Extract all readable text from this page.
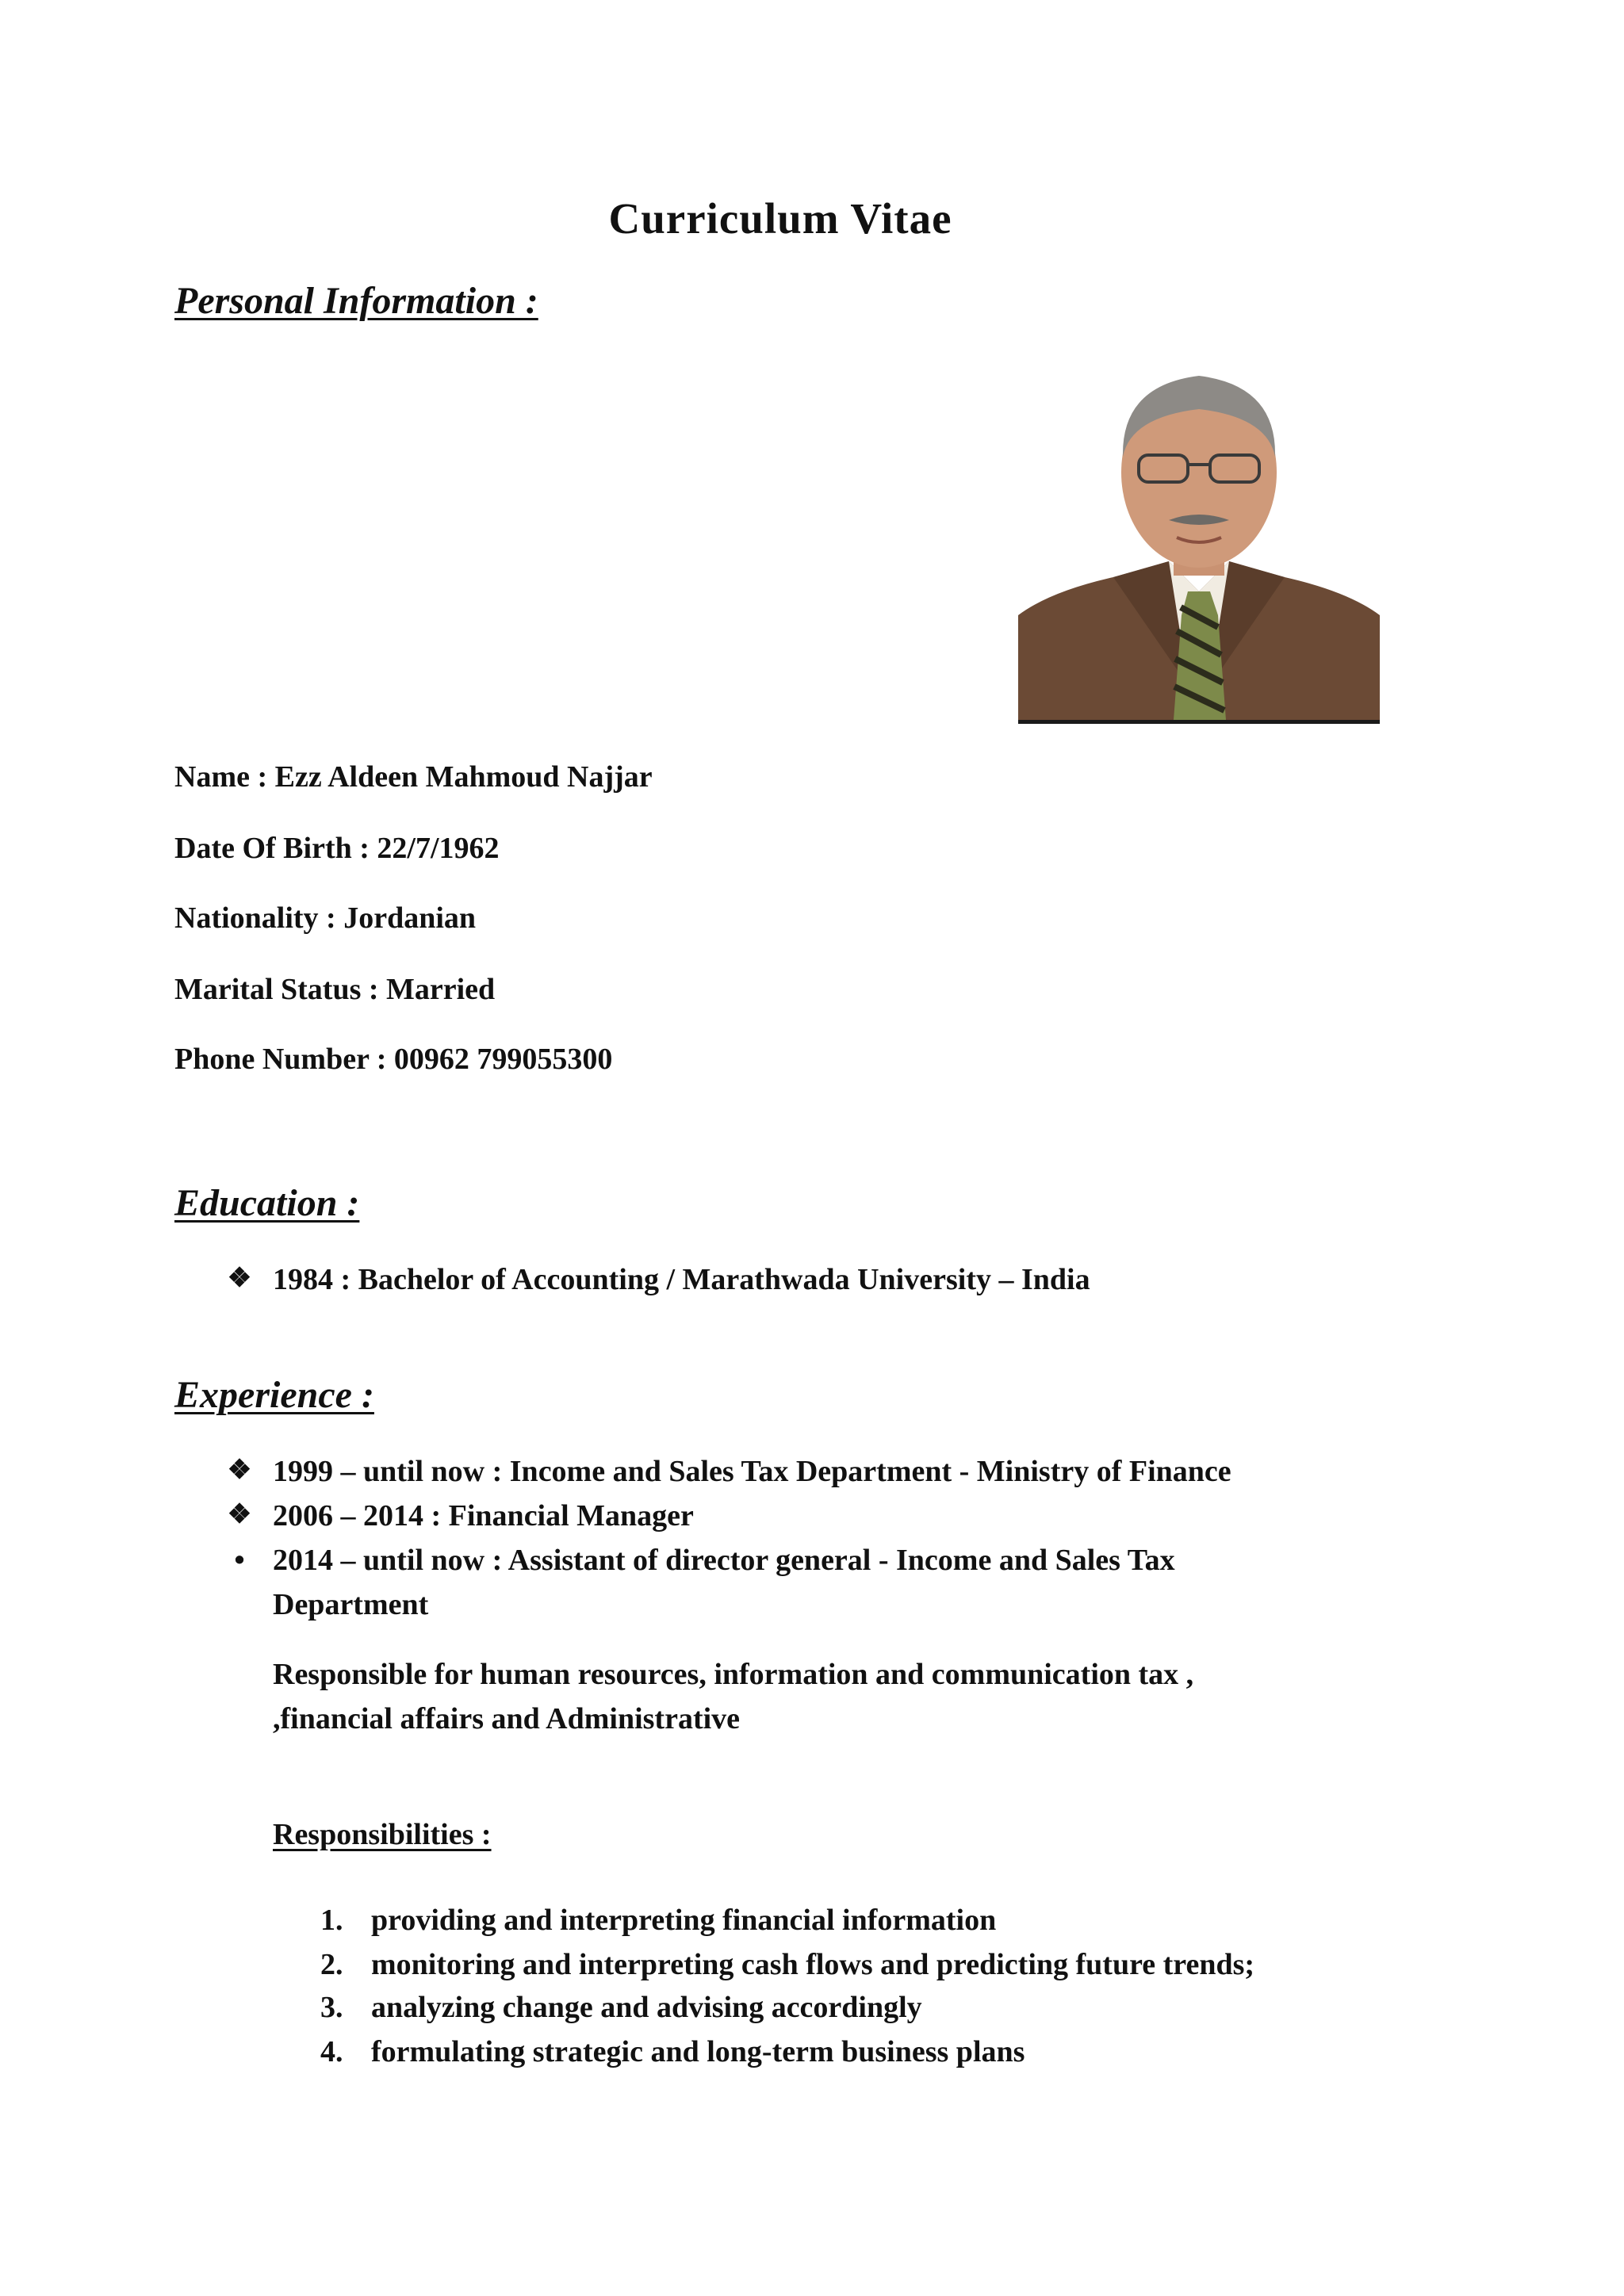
Curriculum Vitae
Personal Information :
Name : Ezz Aldeen Mahmoud Najjar
Date Of Birth : 22/7/1962
Nationality : Jordanian
Marital Status : Married
Phone Number : 00962 799055300
Education :
❖ 1984 : Bachelor of Accounting / Marathwada University – India
Experience :
❖ 1999 – until now : Income and Sales Tax Department - Ministry of Finance
❖ 2006 – 2014 : Financial Manager
• 2014 – until now : Assistant of director general - Income and Sales Tax
Department
Responsible for human resources, information and communication tax ,
,financial affairs and Administrative
Responsibilities :
1. providing and interpreting financial information
2. monitoring and interpreting cash flows and predicting future trends;
3. analyzing change and advising accordingly
4. formulating strategic and long-term business plans
